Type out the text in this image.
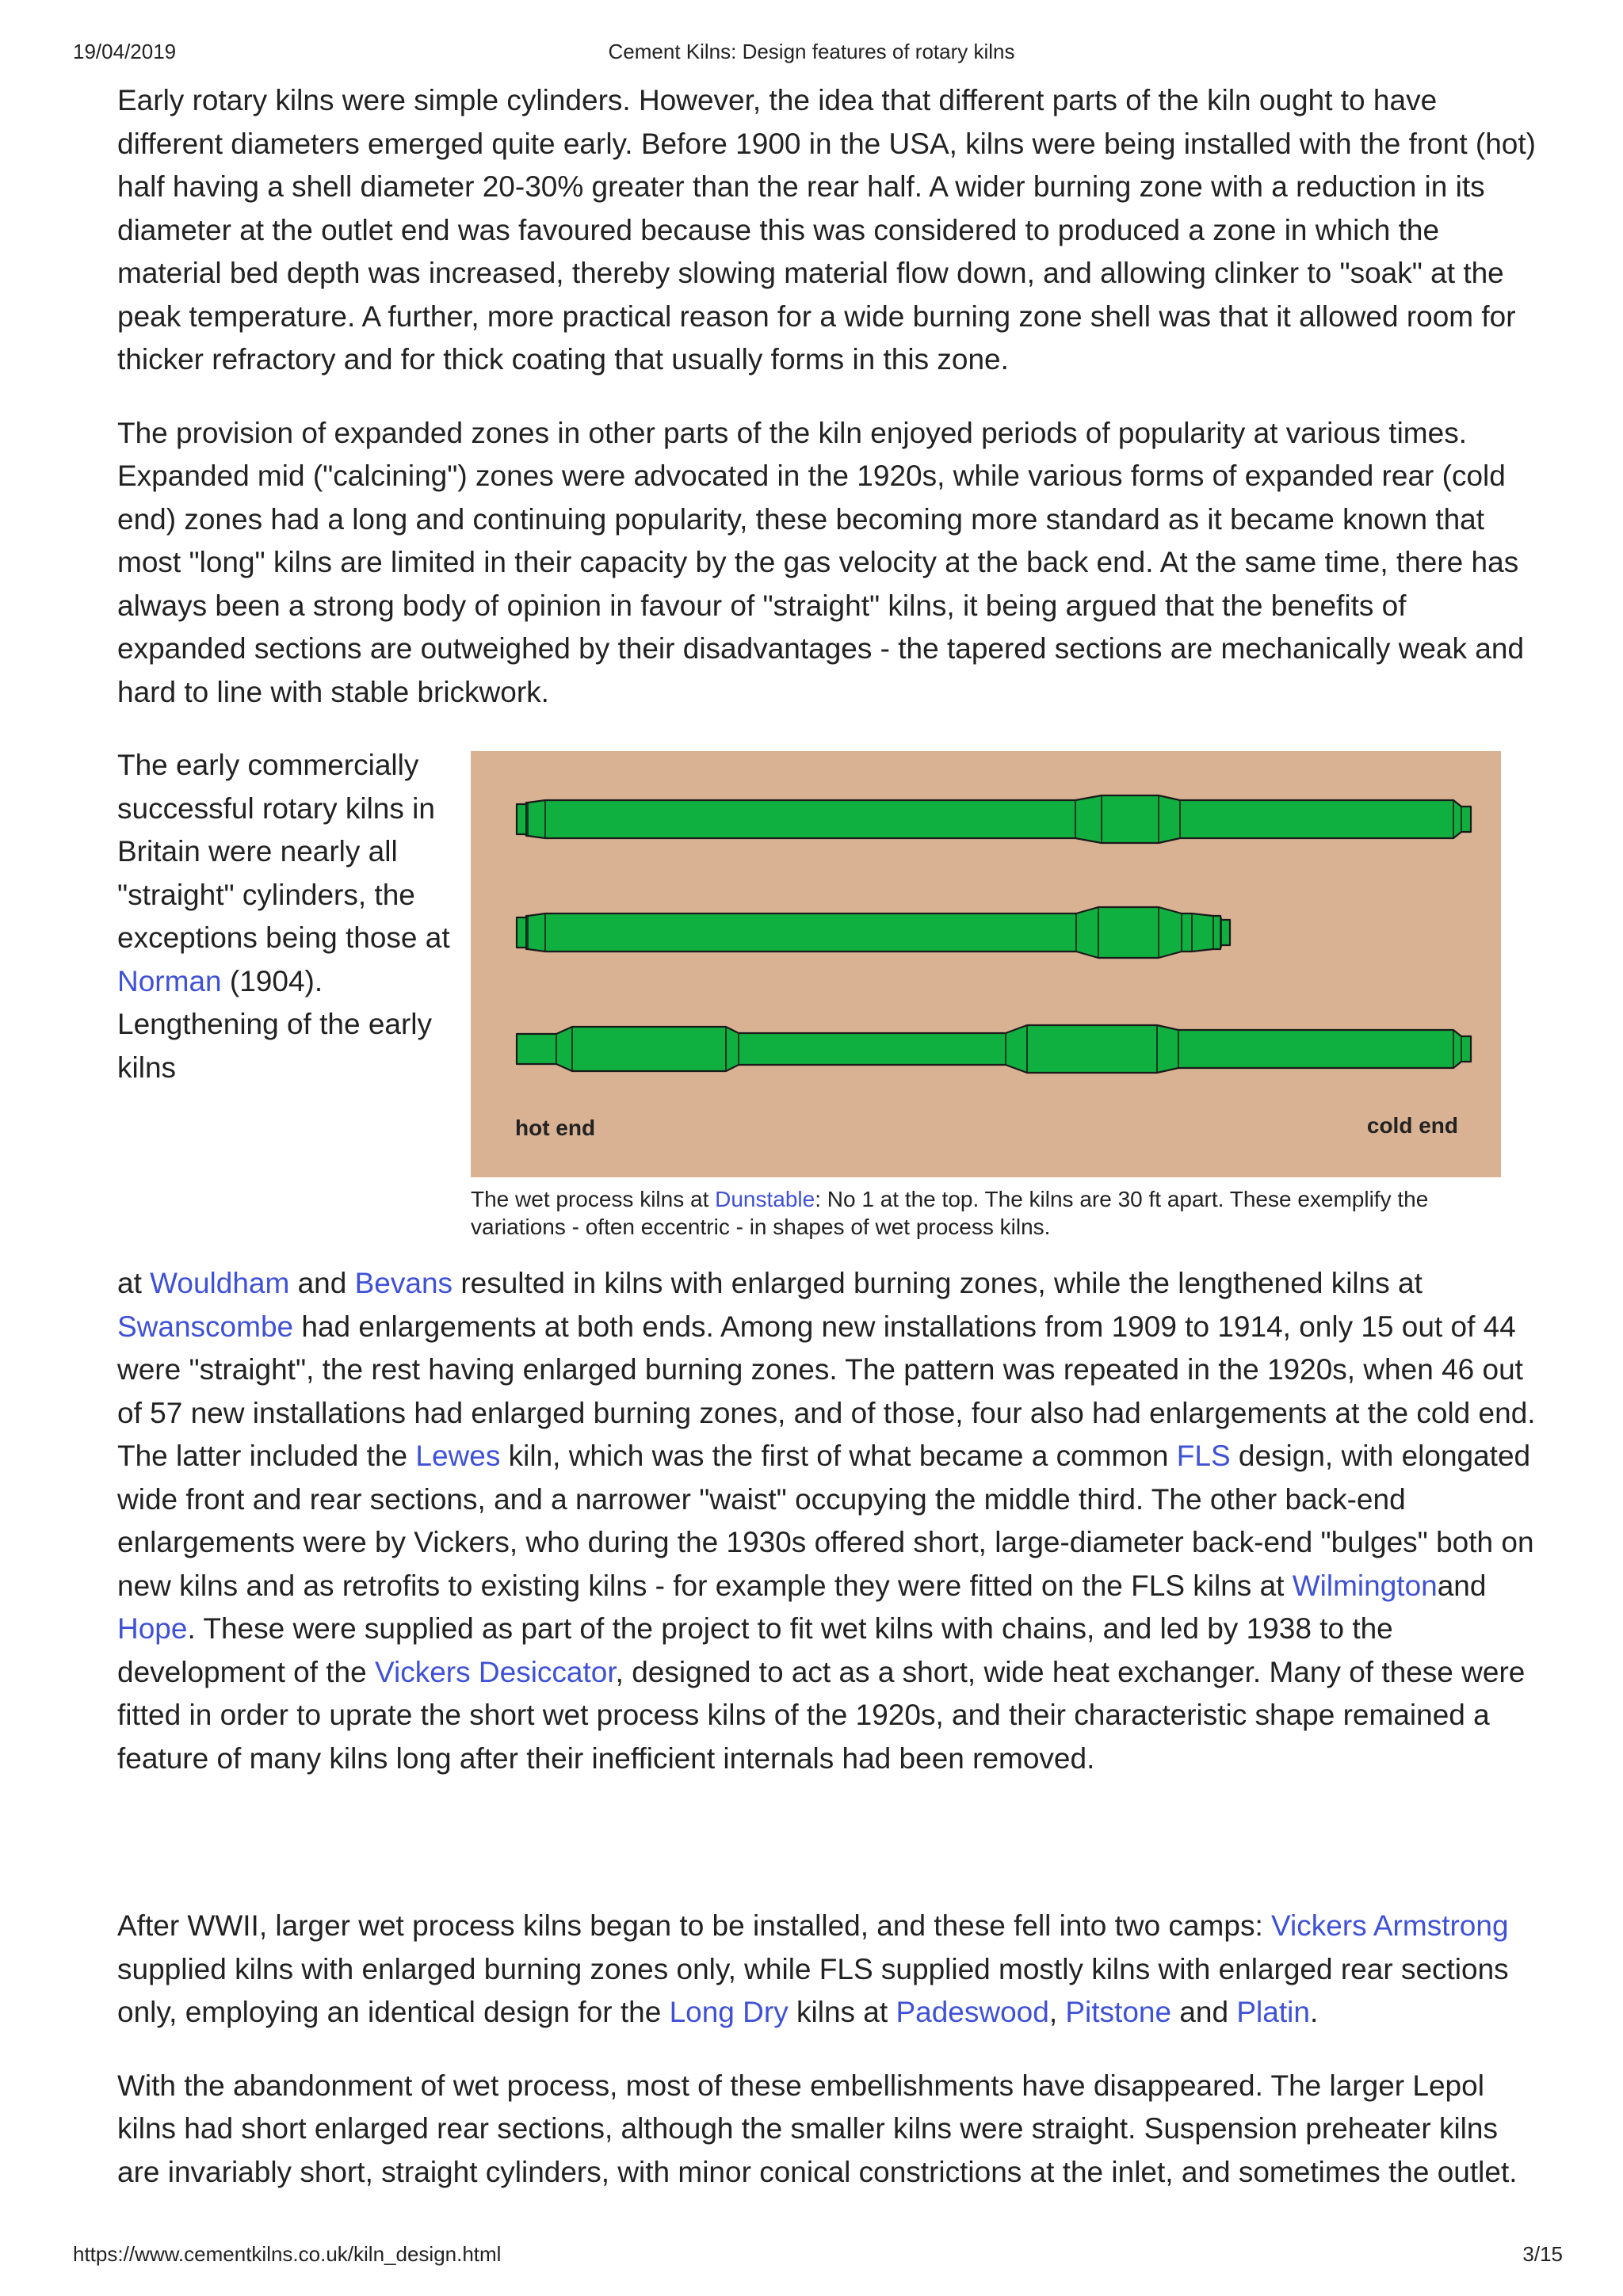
19/04/2019	Cement Kilns: Design features of rotary kilns

Early rotary kilns were simple cylinders. However, the idea that different parts of the kiln ought to have different diameters emerged quite early. Before 1900 in the USA, kilns were being installed with the front (hot) half having a shell diameter 20-30% greater than the rear half. A wider burning zone with a reduction in its diameter at the outlet end was favoured because this was considered to produced a zone in which the material bed depth was increased, thereby slowing material flow down, and allowing clinker to "soak" at the peak temperature. A further, more practical reason for a wide burning zone shell was that it allowed room for thicker refractory and for thick coating that usually forms in this zone.

The provision of expanded zones in other parts of the kiln enjoyed periods of popularity at various times. Expanded mid ("calcining") zones were advocated in the 1920s, while various forms of expanded rear (cold end) zones had a long and continuing popularity, these becoming more standard as it became known that most "long" kilns are limited in their capacity by the gas velocity at the back end. At the same time, there has always been a strong body of opinion in favour of "straight" kilns, it being argued that the benefits of expanded sections are outweighed by their disadvantages - the tapered sections are mechanically weak and hard to line with stable brickwork.

The early commercially successful rotary kilns in Britain were nearly all "straight" cylinders, the exceptions being those at Norman (1904). Lengthening of the early kilns

hot end	cold end

The wet process kilns at Dunstable: No 1 at the top. The kilns are 30 ft apart. These exemplify the variations - often eccentric - in shapes of wet process kilns.

at Wouldham and Bevans resulted in kilns with enlarged burning zones, while the lengthened kilns at Swanscombe had enlargements at both ends. Among new installations from 1909 to 1914, only 15 out of 44 were "straight", the rest having enlarged burning zones. The pattern was repeated in the 1920s, when 46 out of 57 new installations had enlarged burning zones, and of those, four also had enlargements at the cold end. The latter included the Lewes kiln, which was the first of what became a common FLS design, with elongated wide front and rear sections, and a narrower "waist" occupying the middle third. The other back-end enlargements were by Vickers, who during the 1930s offered short, large-diameter back-end "bulges" both on new kilns and as retrofits to existing kilns - for example they were fitted on the FLS kilns at Wilmingtonand Hope. These were supplied as part of the project to fit wet kilns with chains, and led by 1938 to the development of the Vickers Desiccator, designed to act as a short, wide heat exchanger. Many of these were fitted in order to uprate the short wet process kilns of the 1920s, and their characteristic shape remained a feature of many kilns long after their inefficient internals had been removed.

After WWII, larger wet process kilns began to be installed, and these fell into two camps: Vickers Armstrong supplied kilns with enlarged burning zones only, while FLS supplied mostly kilns with enlarged rear sections only, employing an identical design for the Long Dry kilns at Padeswood, Pitstone and Platin.

With the abandonment of wet process, most of these embellishments have disappeared. The larger Lepol kilns had short enlarged rear sections, although the smaller kilns were straight. Suspension preheater kilns are invariably short, straight cylinders, with minor conical constrictions at the inlet, and sometimes the outlet.

https://www.cementkilns.co.uk/kiln_design.html	3/15
